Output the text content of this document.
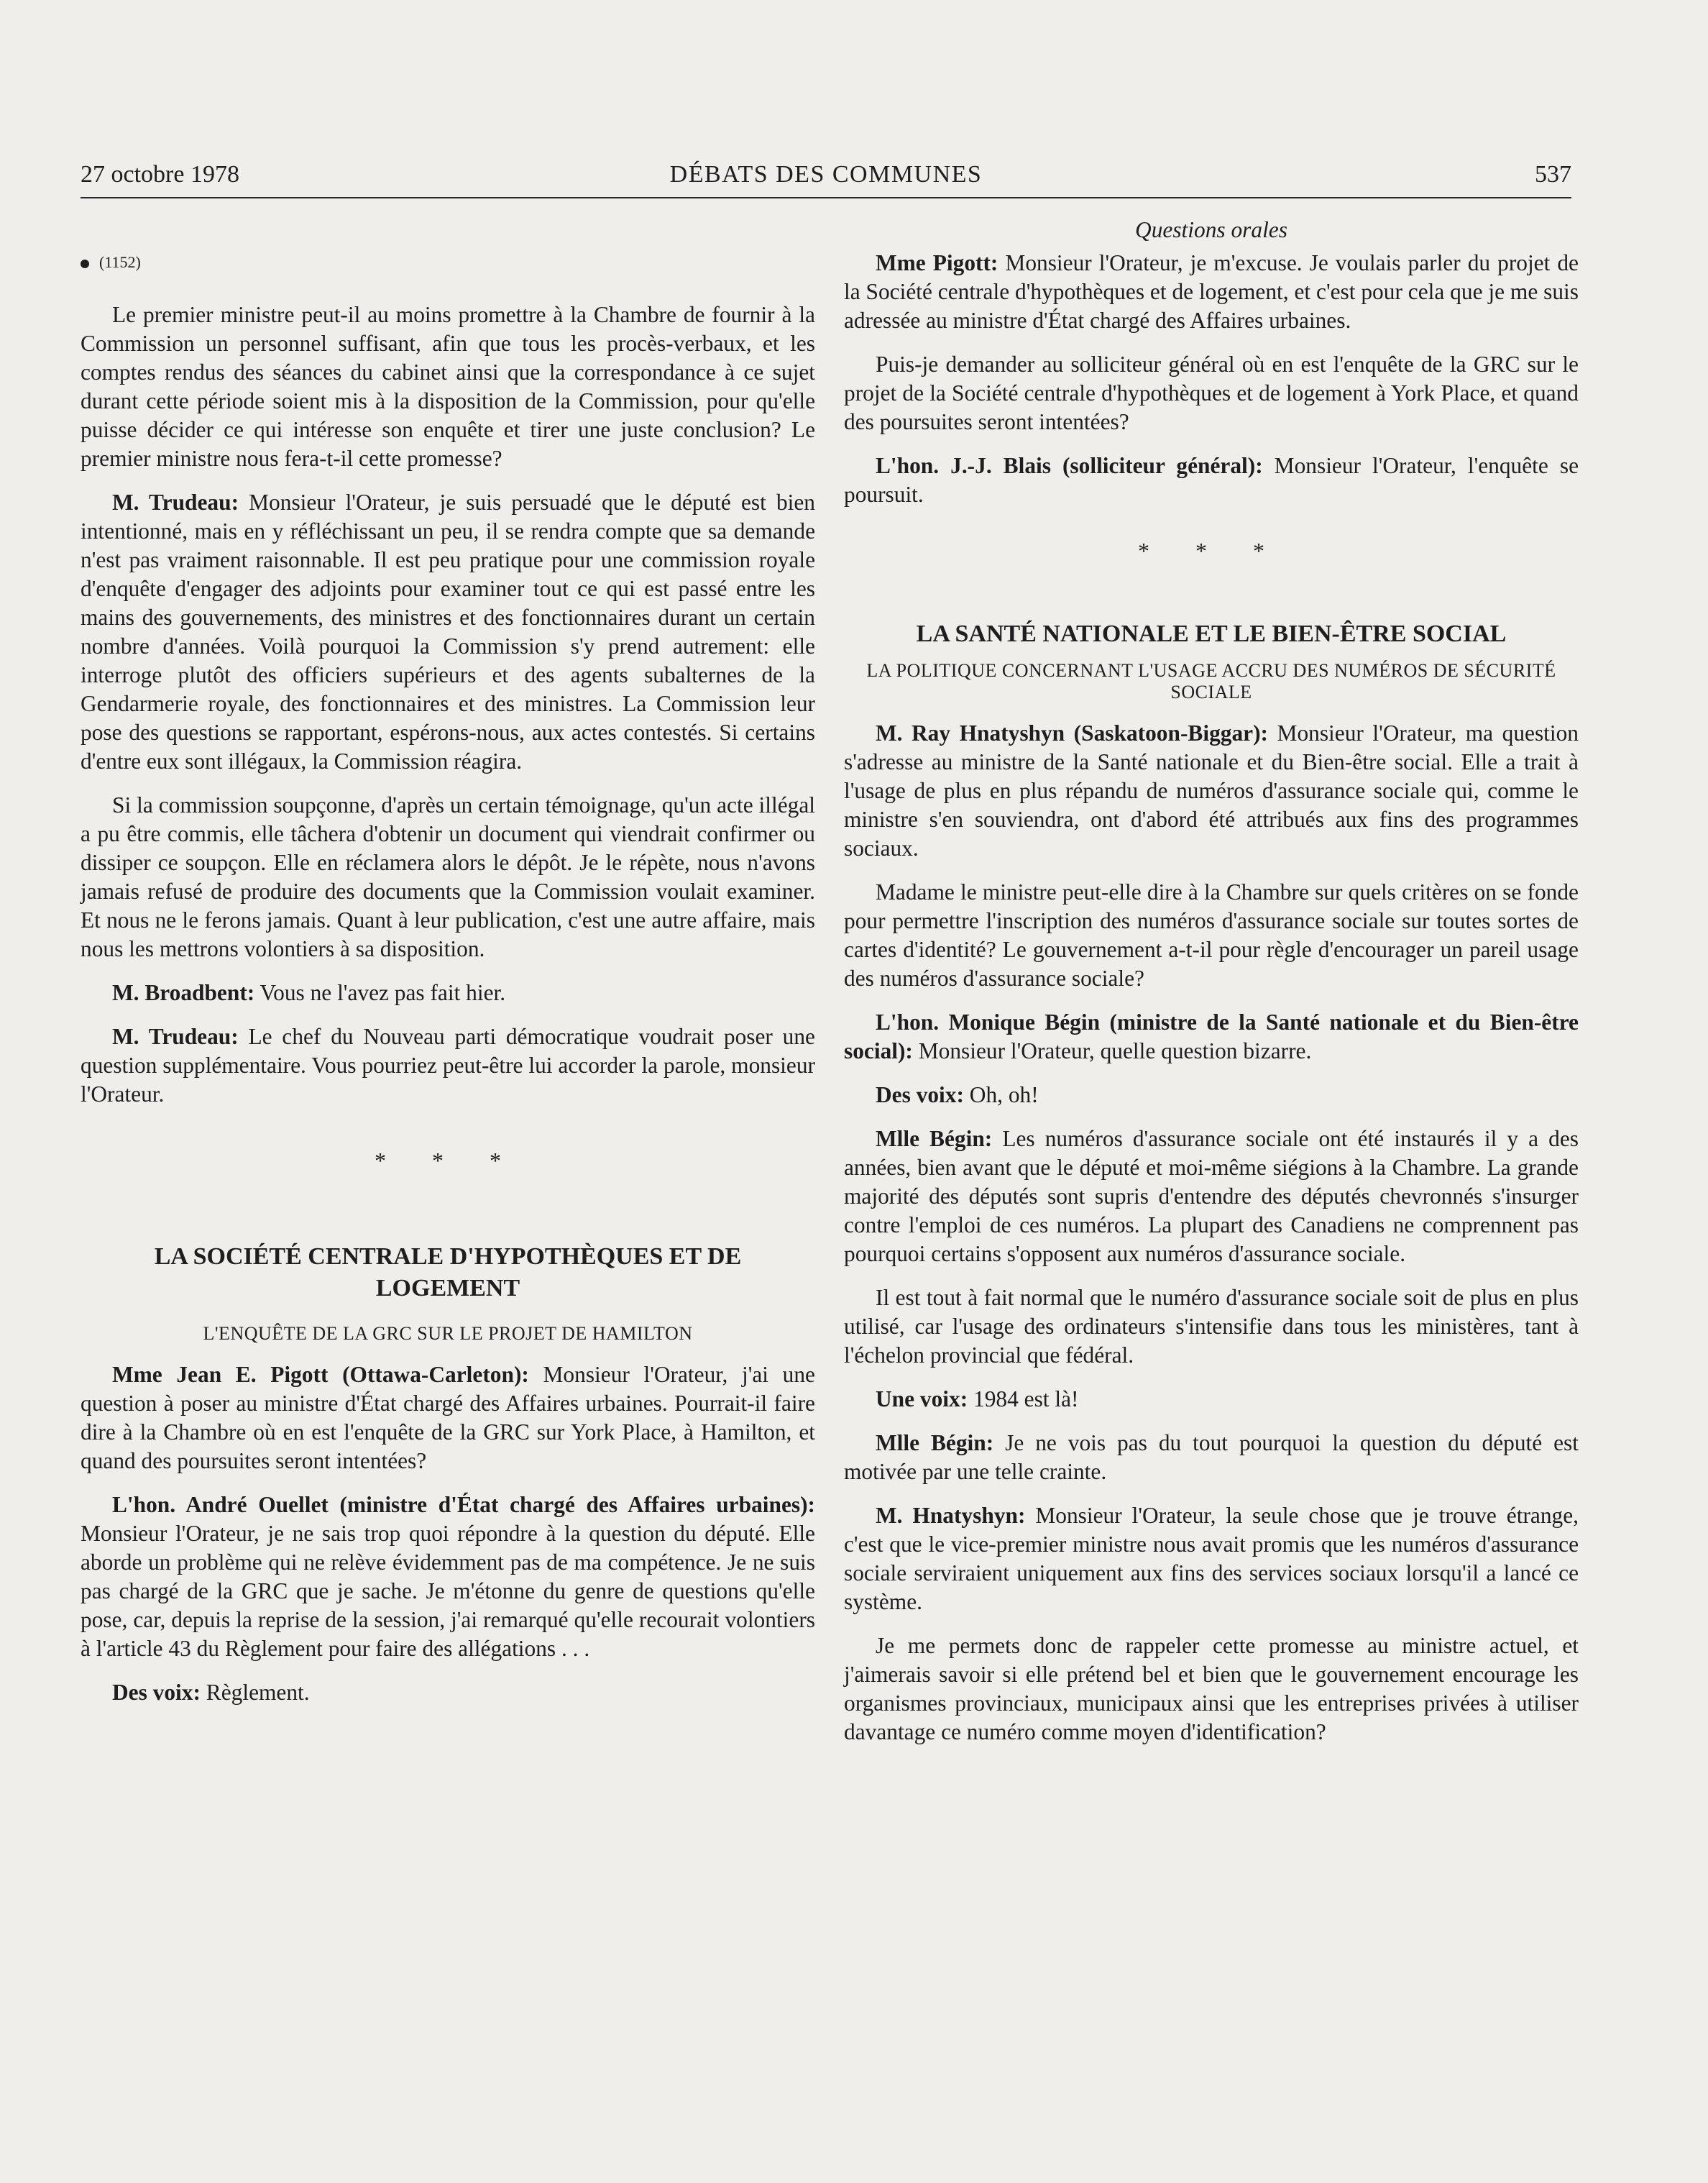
27 octobre 1978	DÉBATS DES COMMUNES	537
(1152)

Le premier ministre peut-il au moins promettre à la Chambre de fournir à la Commission un personnel suffisant, afin que tous les procès-verbaux, et les comptes rendus des séances du cabinet ainsi que la correspondance à ce sujet durant cette période soient mis à la disposition de la Commission, pour qu'elle puisse décider ce qui intéresse son enquête et tirer une juste conclusion? Le premier ministre nous fera-t-il cette promesse?

M. Trudeau: Monsieur l'Orateur, je suis persuadé que le député est bien intentionné, mais en y réfléchissant un peu, il se rendra compte que sa demande n'est pas vraiment raisonnable. Il est peu pratique pour une commission royale d'enquête d'engager des adjoints pour examiner tout ce qui est passé entre les mains des gouvernements, des ministres et des fonctionnaires durant un certain nombre d'années. Voilà pourquoi la Commission s'y prend autrement: elle interroge plutôt des officiers supérieurs et des agents subalternes de la Gendarmerie royale, des fonctionnaires et des ministres. La Commission leur pose des questions se rapportant, espérons-nous, aux actes contestés. Si certains d'entre eux sont illégaux, la Commission réagira.

Si la commission soupçonne, d'après un certain témoignage, qu'un acte illégal a pu être commis, elle tâchera d'obtenir un document qui viendrait confirmer ou dissiper ce soupçon. Elle en réclamera alors le dépôt. Je le répète, nous n'avons jamais refusé de produire des documents que la Commission voulait examiner. Et nous ne le ferons jamais. Quant à leur publication, c'est une autre affaire, mais nous les mettrons volontiers à sa disposition.

M. Broadbent: Vous ne l'avez pas fait hier.

M. Trudeau: Le chef du Nouveau parti démocratique voudrait poser une question supplémentaire. Vous pourriez peut-être lui accorder la parole, monsieur l'Orateur.

* * *
LA SOCIÉTÉ CENTRALE D'HYPOTHÈQUES ET DE LOGEMENT
L'ENQUÊTE DE LA GRC SUR LE PROJET DE HAMILTON

Mme Jean E. Pigott (Ottawa-Carleton): Monsieur l'Orateur, j'ai une question à poser au ministre d'État chargé des Affaires urbaines. Pourrait-il faire dire à la Chambre où en est l'enquête de la GRC sur York Place, à Hamilton, et quand des poursuites seront intentées?

L'hon. André Ouellet (ministre d'État chargé des Affaires urbaines): Monsieur l'Orateur, je ne sais trop quoi répondre à la question du député. Elle aborde un problème qui ne relève évidemment pas de ma compétence. Je ne suis pas chargé de la GRC que je sache. Je m'étonne du genre de questions qu'elle pose, car, depuis la reprise de la session, j'ai remarqué qu'elle recourait volontiers à l'article 43 du Règlement pour faire des allégations . . .

Des voix: Règlement.

Questions orales

Mme Pigott: Monsieur l'Orateur, je m'excuse. Je voulais parler du projet de la Société centrale d'hypothèques et de logement, et c'est pour cela que je me suis adressée au ministre d'État chargé des Affaires urbaines.

Puis-je demander au solliciteur général où en est l'enquête de la GRC sur le projet de la Société centrale d'hypothèques et de logement à York Place, et quand des poursuites seront intentées?

L'hon. J.-J. Blais (solliciteur général): Monsieur l'Orateur, l'enquête se poursuit.

* * *
LA SANTÉ NATIONALE ET LE BIEN-ÊTRE SOCIAL
LA POLITIQUE CONCERNANT L'USAGE ACCRU DES NUMÉROS DE SÉCURITÉ SOCIALE

M. Ray Hnatyshyn (Saskatoon-Biggar): Monsieur l'Orateur, ma question s'adresse au ministre de la Santé nationale et du Bien-être social. Elle a trait à l'usage de plus en plus répandu de numéros d'assurance sociale qui, comme le ministre s'en souviendra, ont d'abord été attribués aux fins des programmes sociaux.

Madame le ministre peut-elle dire à la Chambre sur quels critères on se fonde pour permettre l'inscription des numéros d'assurance sociale sur toutes sortes de cartes d'identité? Le gouvernement a-t-il pour règle d'encourager un pareil usage des numéros d'assurance sociale?

L'hon. Monique Bégin (ministre de la Santé nationale et du Bien-être social): Monsieur l'Orateur, quelle question bizarre.

Des voix: Oh, oh!

Mlle Bégin: Les numéros d'assurance sociale ont été instaurés il y a des années, bien avant que le député et moi-même siégions à la Chambre. La grande majorité des députés sont supris d'entendre des députés chevronnés s'insurger contre l'emploi de ces numéros. La plupart des Canadiens ne comprennent pas pourquoi certains s'opposent aux numéros d'assurance sociale.

Il est tout à fait normal que le numéro d'assurance sociale soit de plus en plus utilisé, car l'usage des ordinateurs s'intensifie dans tous les ministères, tant à l'échelon provincial que fédéral.

Une voix: 1984 est là!

Mlle Bégin: Je ne vois pas du tout pourquoi la question du député est motivée par une telle crainte.

M. Hnatyshyn: Monsieur l'Orateur, la seule chose que je trouve étrange, c'est que le vice-premier ministre nous avait promis que les numéros d'assurance sociale serviraient uniquement aux fins des services sociaux lorsqu'il a lancé ce système.

Je me permets donc de rappeler cette promesse au ministre actuel, et j'aimerais savoir si elle prétend bel et bien que le gouvernement encourage les organismes provinciaux, municipaux ainsi que les entreprises privées à utiliser davantage ce numéro comme moyen d'identification?
